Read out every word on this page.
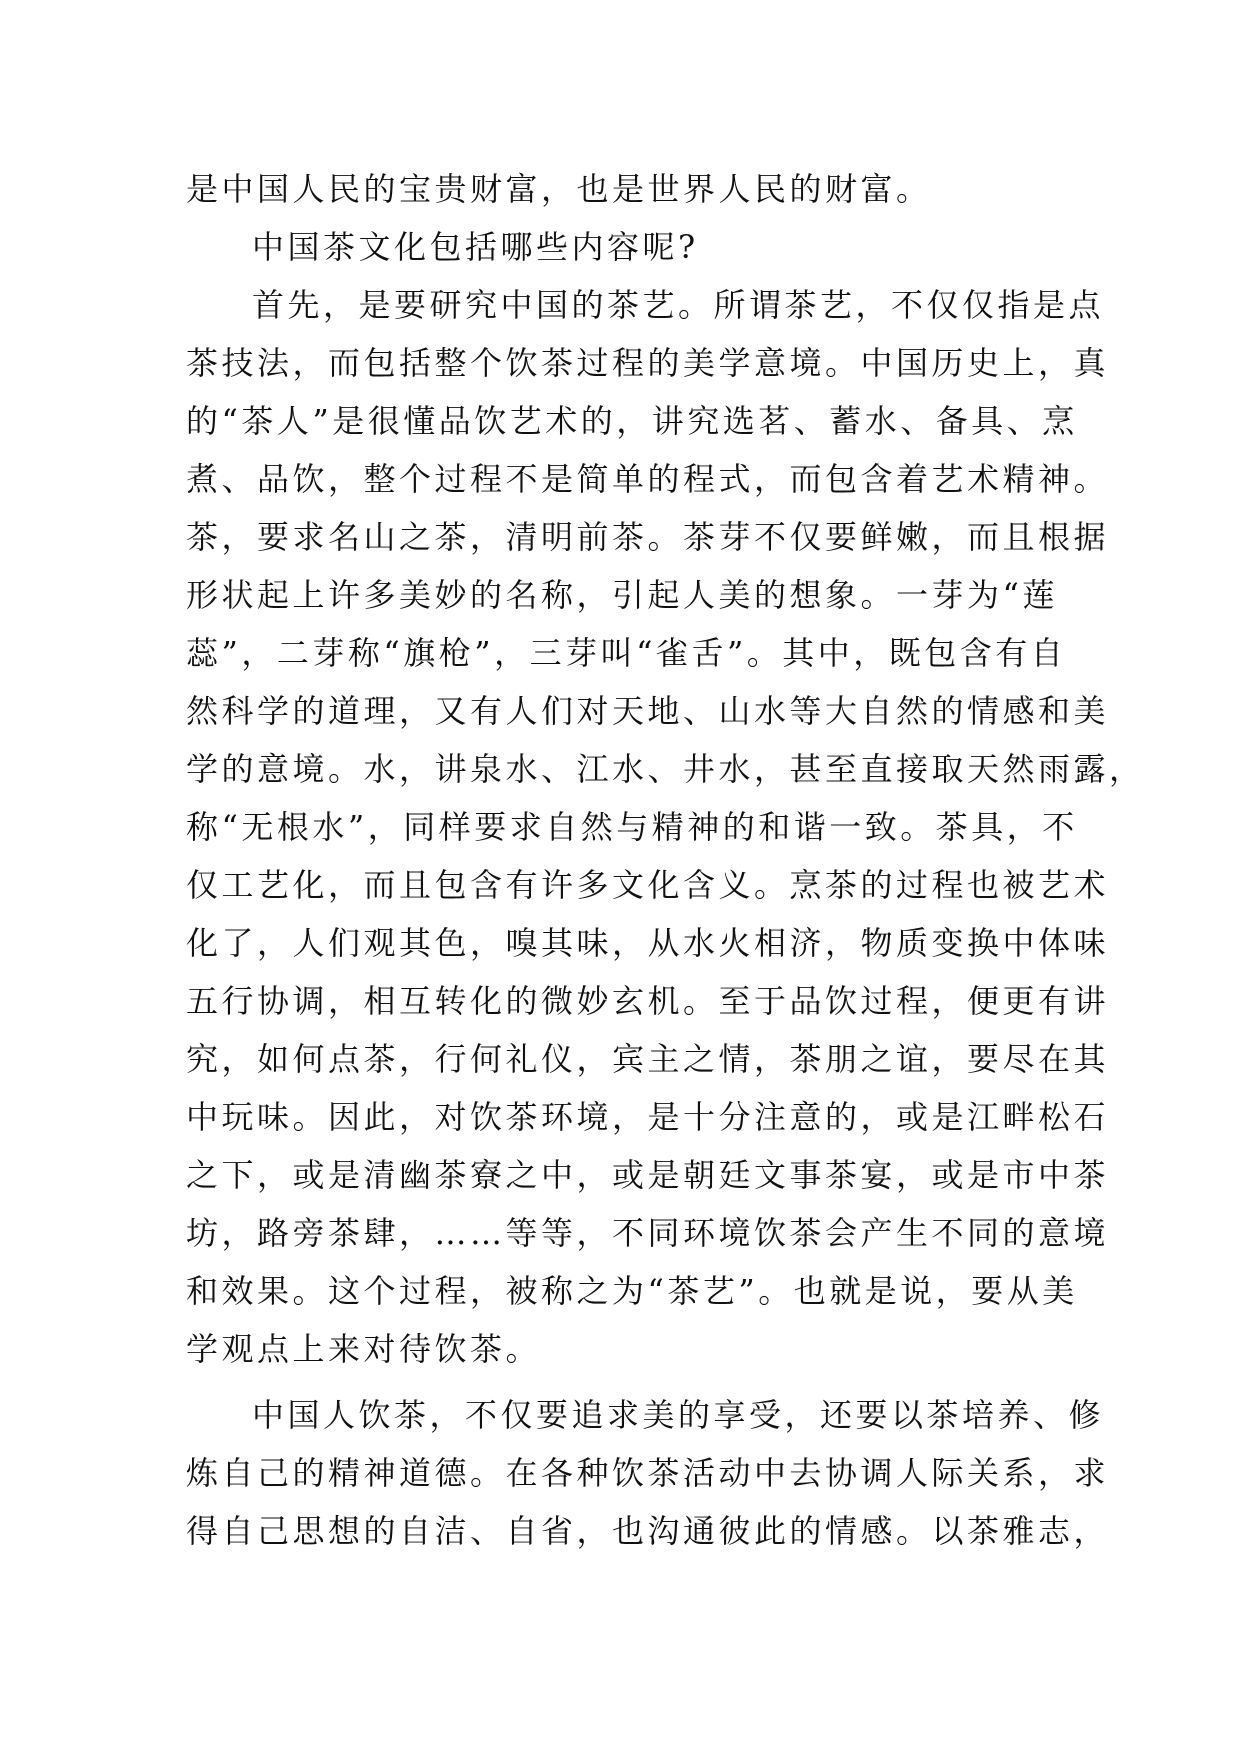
是中国人民的宝贵财富，也是世界人民的财富。
中国茶文化包括哪些内容呢?
首先，是要研究中国的茶艺。所谓茶艺，不仅仅指是点
茶技法，而包括整个饮茶过程的美学意境。中国历史上，真
的“茶人”是很懂品饮艺术的，讲究选茗、蓄水、备具、烹
煮、品饮，整个过程不是简单的程式，而包含着艺术精神。
茶，要求名山之茶，清明前茶。茶芽不仅要鲜嫩，而且根据
形状起上许多美妙的名称，引起人美的想象。一芽为“莲
蕊”，二芽称“旗枪”，三芽叫“雀舌”。其中，既包含有自
然科学的道理，又有人们对天地、山水等大自然的情感和美
学的意境。水，讲泉水、江水、井水，甚至直接取天然雨露，
称“无根水”，同样要求自然与精神的和谐一致。茶具，不
仅工艺化，而且包含有许多文化含义。烹茶的过程也被艺术
化了，人们观其色，嗅其味，从水火相济，物质变换中体味
五行协调，相互转化的微妙玄机。至于品饮过程，便更有讲
究，如何点茶，行何礼仪，宾主之情，茶朋之谊，要尽在其
中玩味。因此，对饮茶环境，是十分注意的，或是江畔松石
之下，或是清幽茶寮之中，或是朝廷文事茶宴，或是市中茶
坊，路旁茶肆，……等等，不同环境饮茶会产生不同的意境
和效果。这个过程，被称之为“茶艺”。也就是说，要从美
学观点上来对待饮茶。
中国人饮茶，不仅要追求美的享受，还要以茶培养、修
炼自己的精神道德。在各种饮茶活动中去协调人际关系，求
得自己思想的自洁、自省，也沟通彼此的情感。以茶雅志，
